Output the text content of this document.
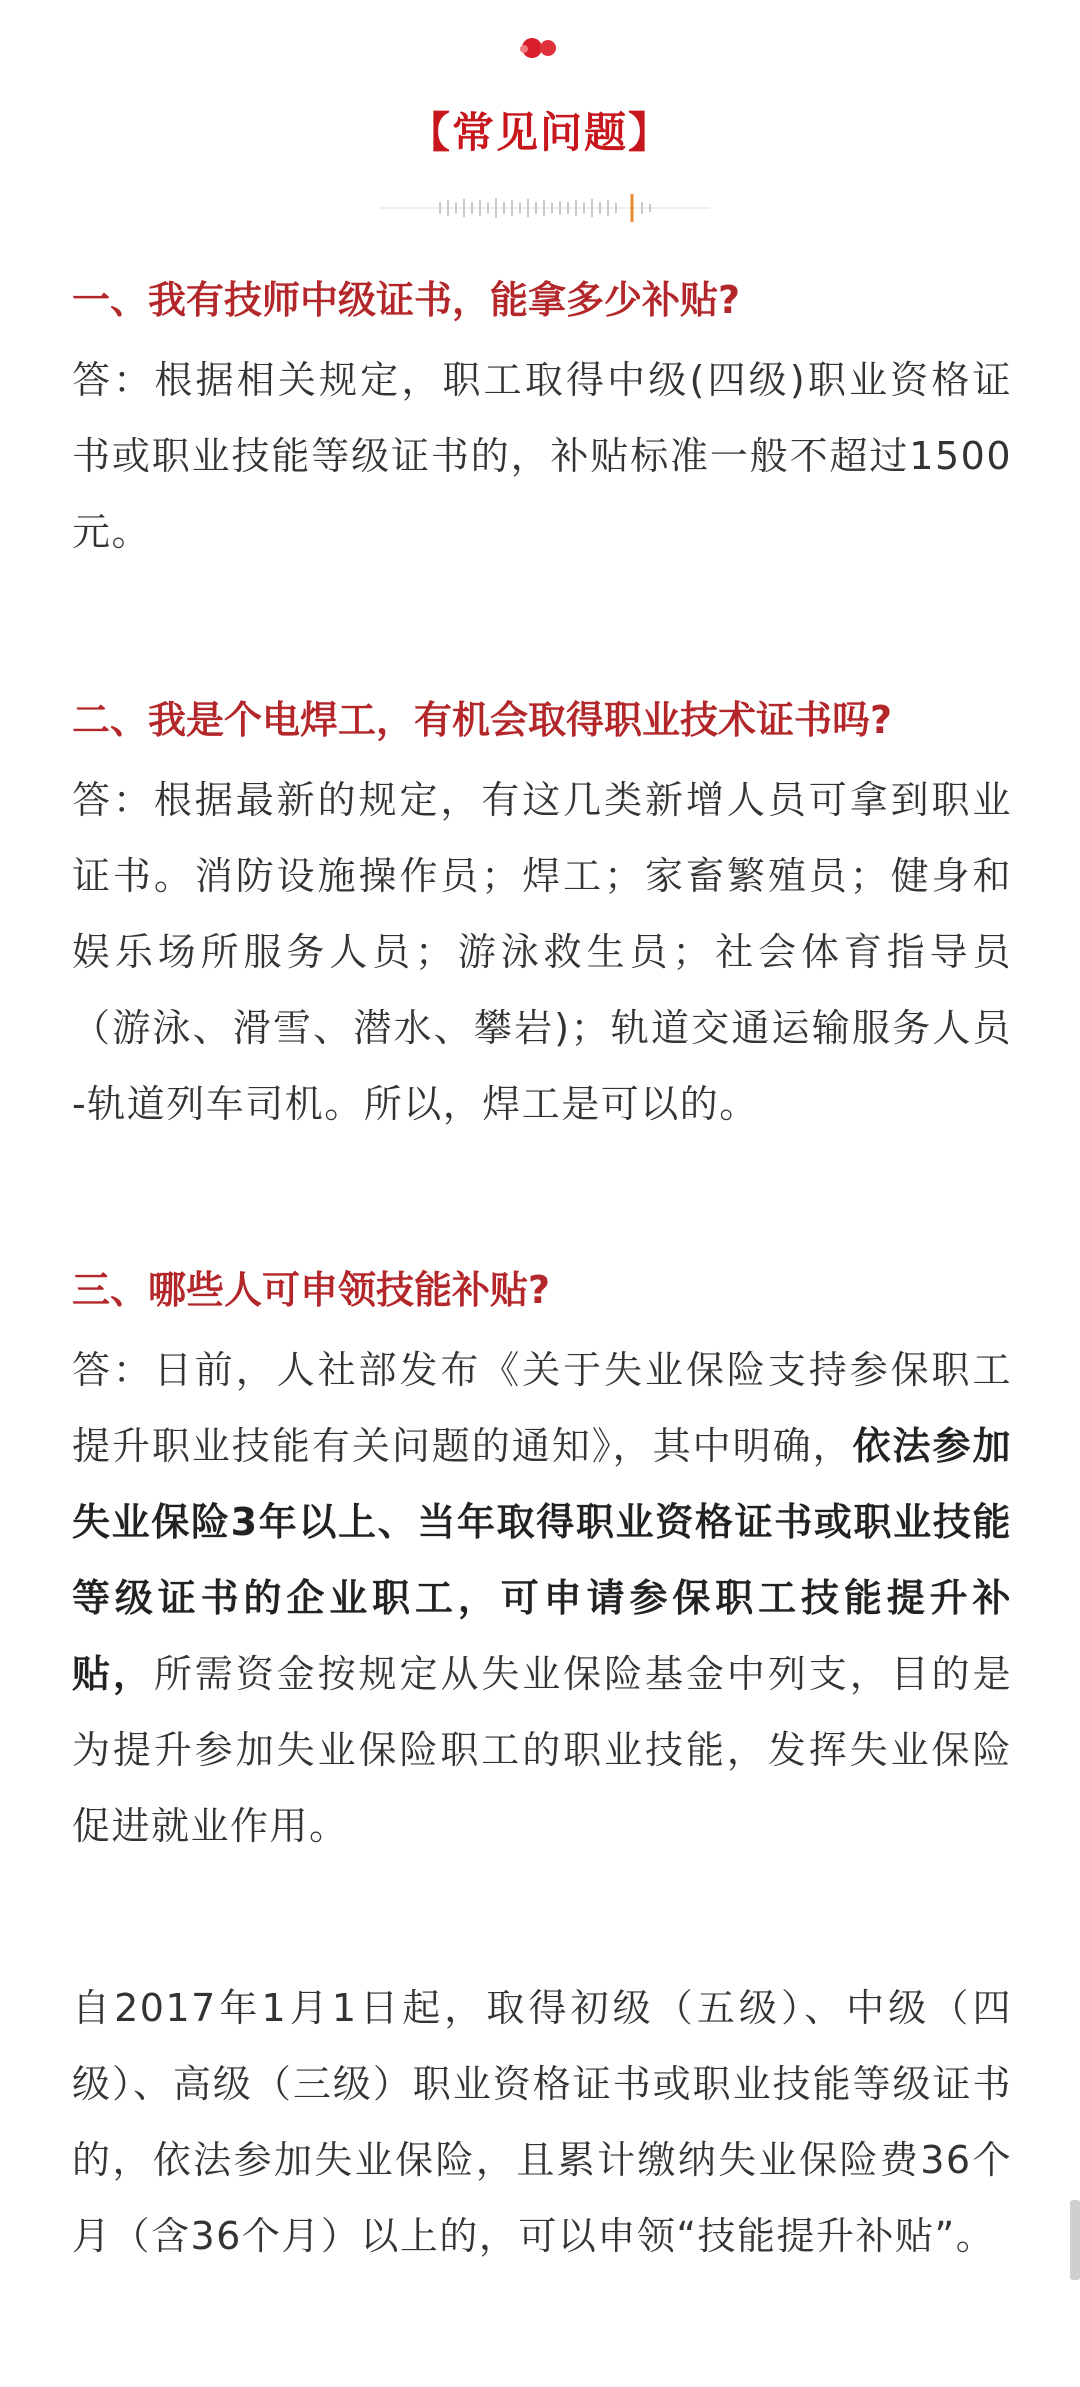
【常见问题】

一、我有技师中级证书，能拿多少补贴?

答：根据相关规定，职工取得中级(四级)职业资格证书或职业技能等级证书的，补贴标准一般不超过1500元。

二、我是个电焊工，有机会取得职业技术证书吗?

答：根据最新的规定，有这几类新增人员可拿到职业证书。消防设施操作员；焊工；家畜繁殖员；健身和娱乐场所服务人员；游泳救生员；社会体育指导员（游泳、滑雪、潜水、攀岩)；轨道交通运输服务人员 -轨道列车司机。所以，焊工是可以的。

三、哪些人可申领技能补贴?

答：日前，人社部发布《关于失业保险支持参保职工提升职业技能有关问题的通知》，其中明确，依法参加失业保险3年以上、当年取得职业资格证书或职业技能等级证书的企业职工，可申请参保职工技能提升补贴，所需资金按规定从失业保险基金中列支，目的是为提升参加失业保险职工的职业技能，发挥失业保险促进就业作用。

自2017年1月1日起，取得初级（五级）、中级（四级）、高级（三级）职业资格证书或职业技能等级证书的，依法参加失业保险，且累计缴纳失业保险费36个月（含36个月）以上的，可以申领“技能提升补贴”。
